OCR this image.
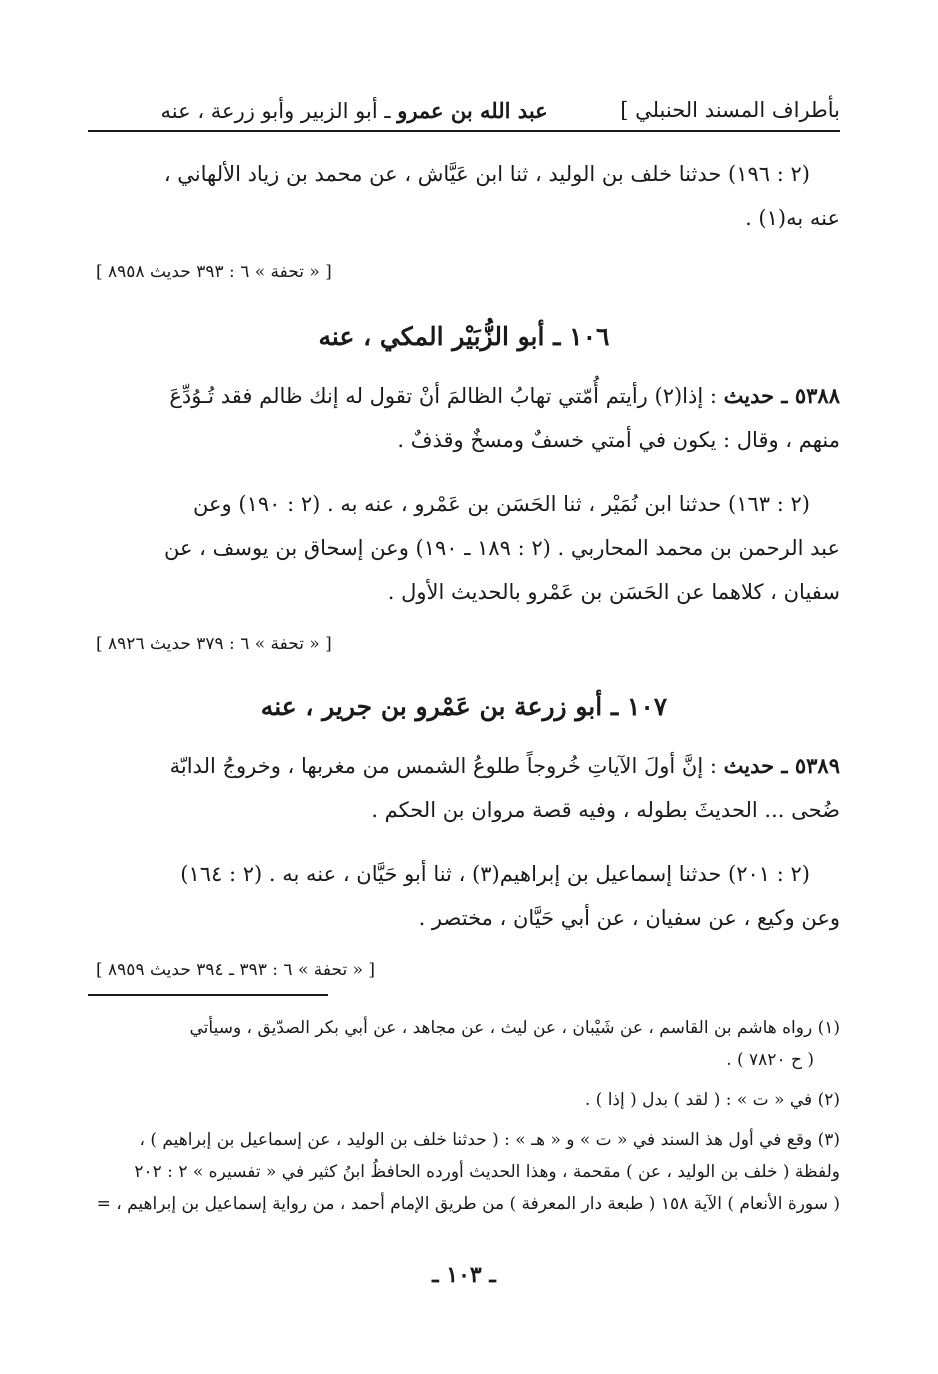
بأطراف المسند الحنبلي ]
عبد الله بن عمرو ـ أبو الزبير وأبو زرعة ، عنه
(٢ : ١٩٦) حدثنا خلف بن الوليد ، ثنا ابن عَيَّاش ، عن محمد بن زياد الألهاني ،
عنه به(١) .
[ « تحفة » ٦ : ٣٩٣ حديث ٨٩٥٨ ]
١٠٦ ـ أبو الزُّبَيْر المكي ، عنه
٥٣٨٨ ـ حديث : إذا(٢) رأيتم أُمّتي تهابُ الظالمَ أنْ تقول له إنك ظالم فقد تُـوُدِّعَ
منهم ، وقال : يكون في أمتي خسفٌ ومسخٌ وقذفٌ .
(٢ : ١٦٣) حدثنا ابن نُمَيْر ، ثنا الحَسَن بن عَمْرو ، عنه به . (٢ : ١٩٠) وعن
عبد الرحمن بن محمد المحاربي . (٢ : ١٨٩ ـ ١٩٠) وعن إسحاق بن يوسف ، عن
سفيان ، كلاهما عن الحَسَن بن عَمْرو بالحديث الأول .
[ « تحفة » ٦ : ٣٧٩ حديث ٨٩٢٦ ]
١٠٧ ـ أبو زرعة بن عَمْرو بن جرير ، عنه
٥٣٨٩ ـ حديث : إنَّ أولَ الآياتِ خُروجاً طلوعُ الشمس من مغربها ، وخروجُ الدابّة
ضُحى ... الحديثَ بطوله ، وفيه قصة مروان بن الحكم .
(٢ : ٢٠١) حدثنا إسماعيل بن إبراهيم(٣) ، ثنا أبو حَيَّان ، عنه به . (٢ : ١٦٤)
وعن وكيع ، عن سفيان ، عن أبي حَيَّان ، مختصر .
[ « تحفة » ٦ : ٣٩٣ ـ ٣٩٤ حديث ٨٩٥٩ ]
(١) رواه هاشم بن القاسم ، عن شَيْبان ، عن ليث ، عن مجاهد ، عن أبي بكر الصدّيق ، وسيأتي
( ح ٧٨٢٠ ) .
(٢) في « ت » : ( لقد ) بدل ( إذا ) .
(٣) وقع في أول هذ السند في « ت » و « هـ » : ( حدثنا خلف بن الوليد ، عن إسماعيل بن إبراهيم ) ،
ولفظة ( خلف بن الوليد ، عن ) مقحمة ، وهذا الحديث أورده الحافظُ ابنُ كثير في « تفسيره » ٢ : ٢٠٢
( سورة الأنعام ) الآية ١٥٨ ( طبعة دار المعرفة ) من طريق الإمام أحمد ، من رواية إسماعيل بن إبراهيم ، =
ـ ١٠٣ ـ
